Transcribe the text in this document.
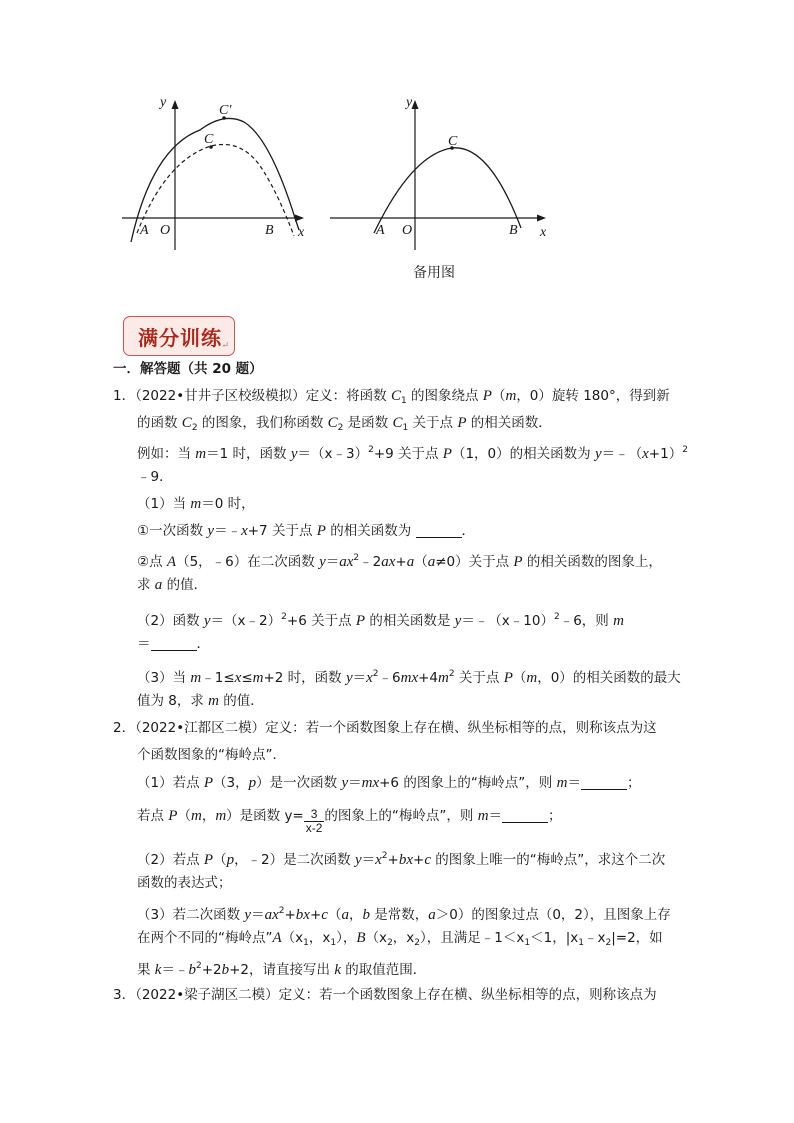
y
x
A O	B
C
C′
y
x
A O	B
C
备用图
满分训练 ↵
一．解答题（共 20 题）
1．（2022•甘井子区校级模拟）定义：将函数 $C_1$ 的图象绕点 P（m，0）旋转 180°，得到新
的函数 $C_2$ 的图象，我们称函数 $C_2$ 是函数 $C_1$ 关于点 P 的相关函数．
例如：当 m＝1 时，函数 y＝（x﹣3）$^2$+9 关于点 P（1，0）的相关函数为 $y=﹣(x+1)^2$
﹣9．
（1）当 m＝0 时，
①一次函数 y＝﹣x+7 关于点 P 的相关函数为	．
②点 A（5，﹣6）在二次函数 $y=ax^2﹣2ax+a(a\ne 0)$关于点 P 的相关函数的图象上，
求 a 的值．
（2）函数 y＝（x﹣2）$^2$+6 关于点 P 的相关函数是 y＝﹣（x﹣10）$^2$﹣6，则 m
＝	．
（3）当 m﹣1≤x≤m+2 时，函数 $y=x^2﹣6mx+4m^2$ 关于点 P（m，0）的相关函数的最大
值为 8，求 m 的值．
2．（2022•江都区二模）定义：若一个函数图象上存在横、纵坐标相等的点，则称该点为这
个函数图象的“梅岭点”．
（1）若点 P（3，p）是一次函数 y＝mx+6 的图象上的“梅岭点”，则 m＝	；
若点 P（m，m）是函数 $y= \frac{3}{x-2}$ 的图象上的“梅岭点”，则 m＝	；
（2）若点 P（p，﹣2）是二次函数 $y=x^2+bx+c$ 的图象上唯一的“梅岭点”，求这个二次
函数的表达式；
（3）若二次函数 $y=ax^2+bx+c(a$，b 是常数，a＞0）的图象过点（0，2），且图象上存
在两个不同的“梅岭点$”A(x_1$，$x_1$），$B(x_2$，$x_2$），且满足$﹣1<x_1<1$，$|x_1﹣x_2|=2$，如
果 $k=﹣b^2+2b+2$，请直接写出 k 的取值范围．
3．（2022•梁子湖区二模）定义：若一个函数图象上存在横、纵坐标相等的点，则称该点为
